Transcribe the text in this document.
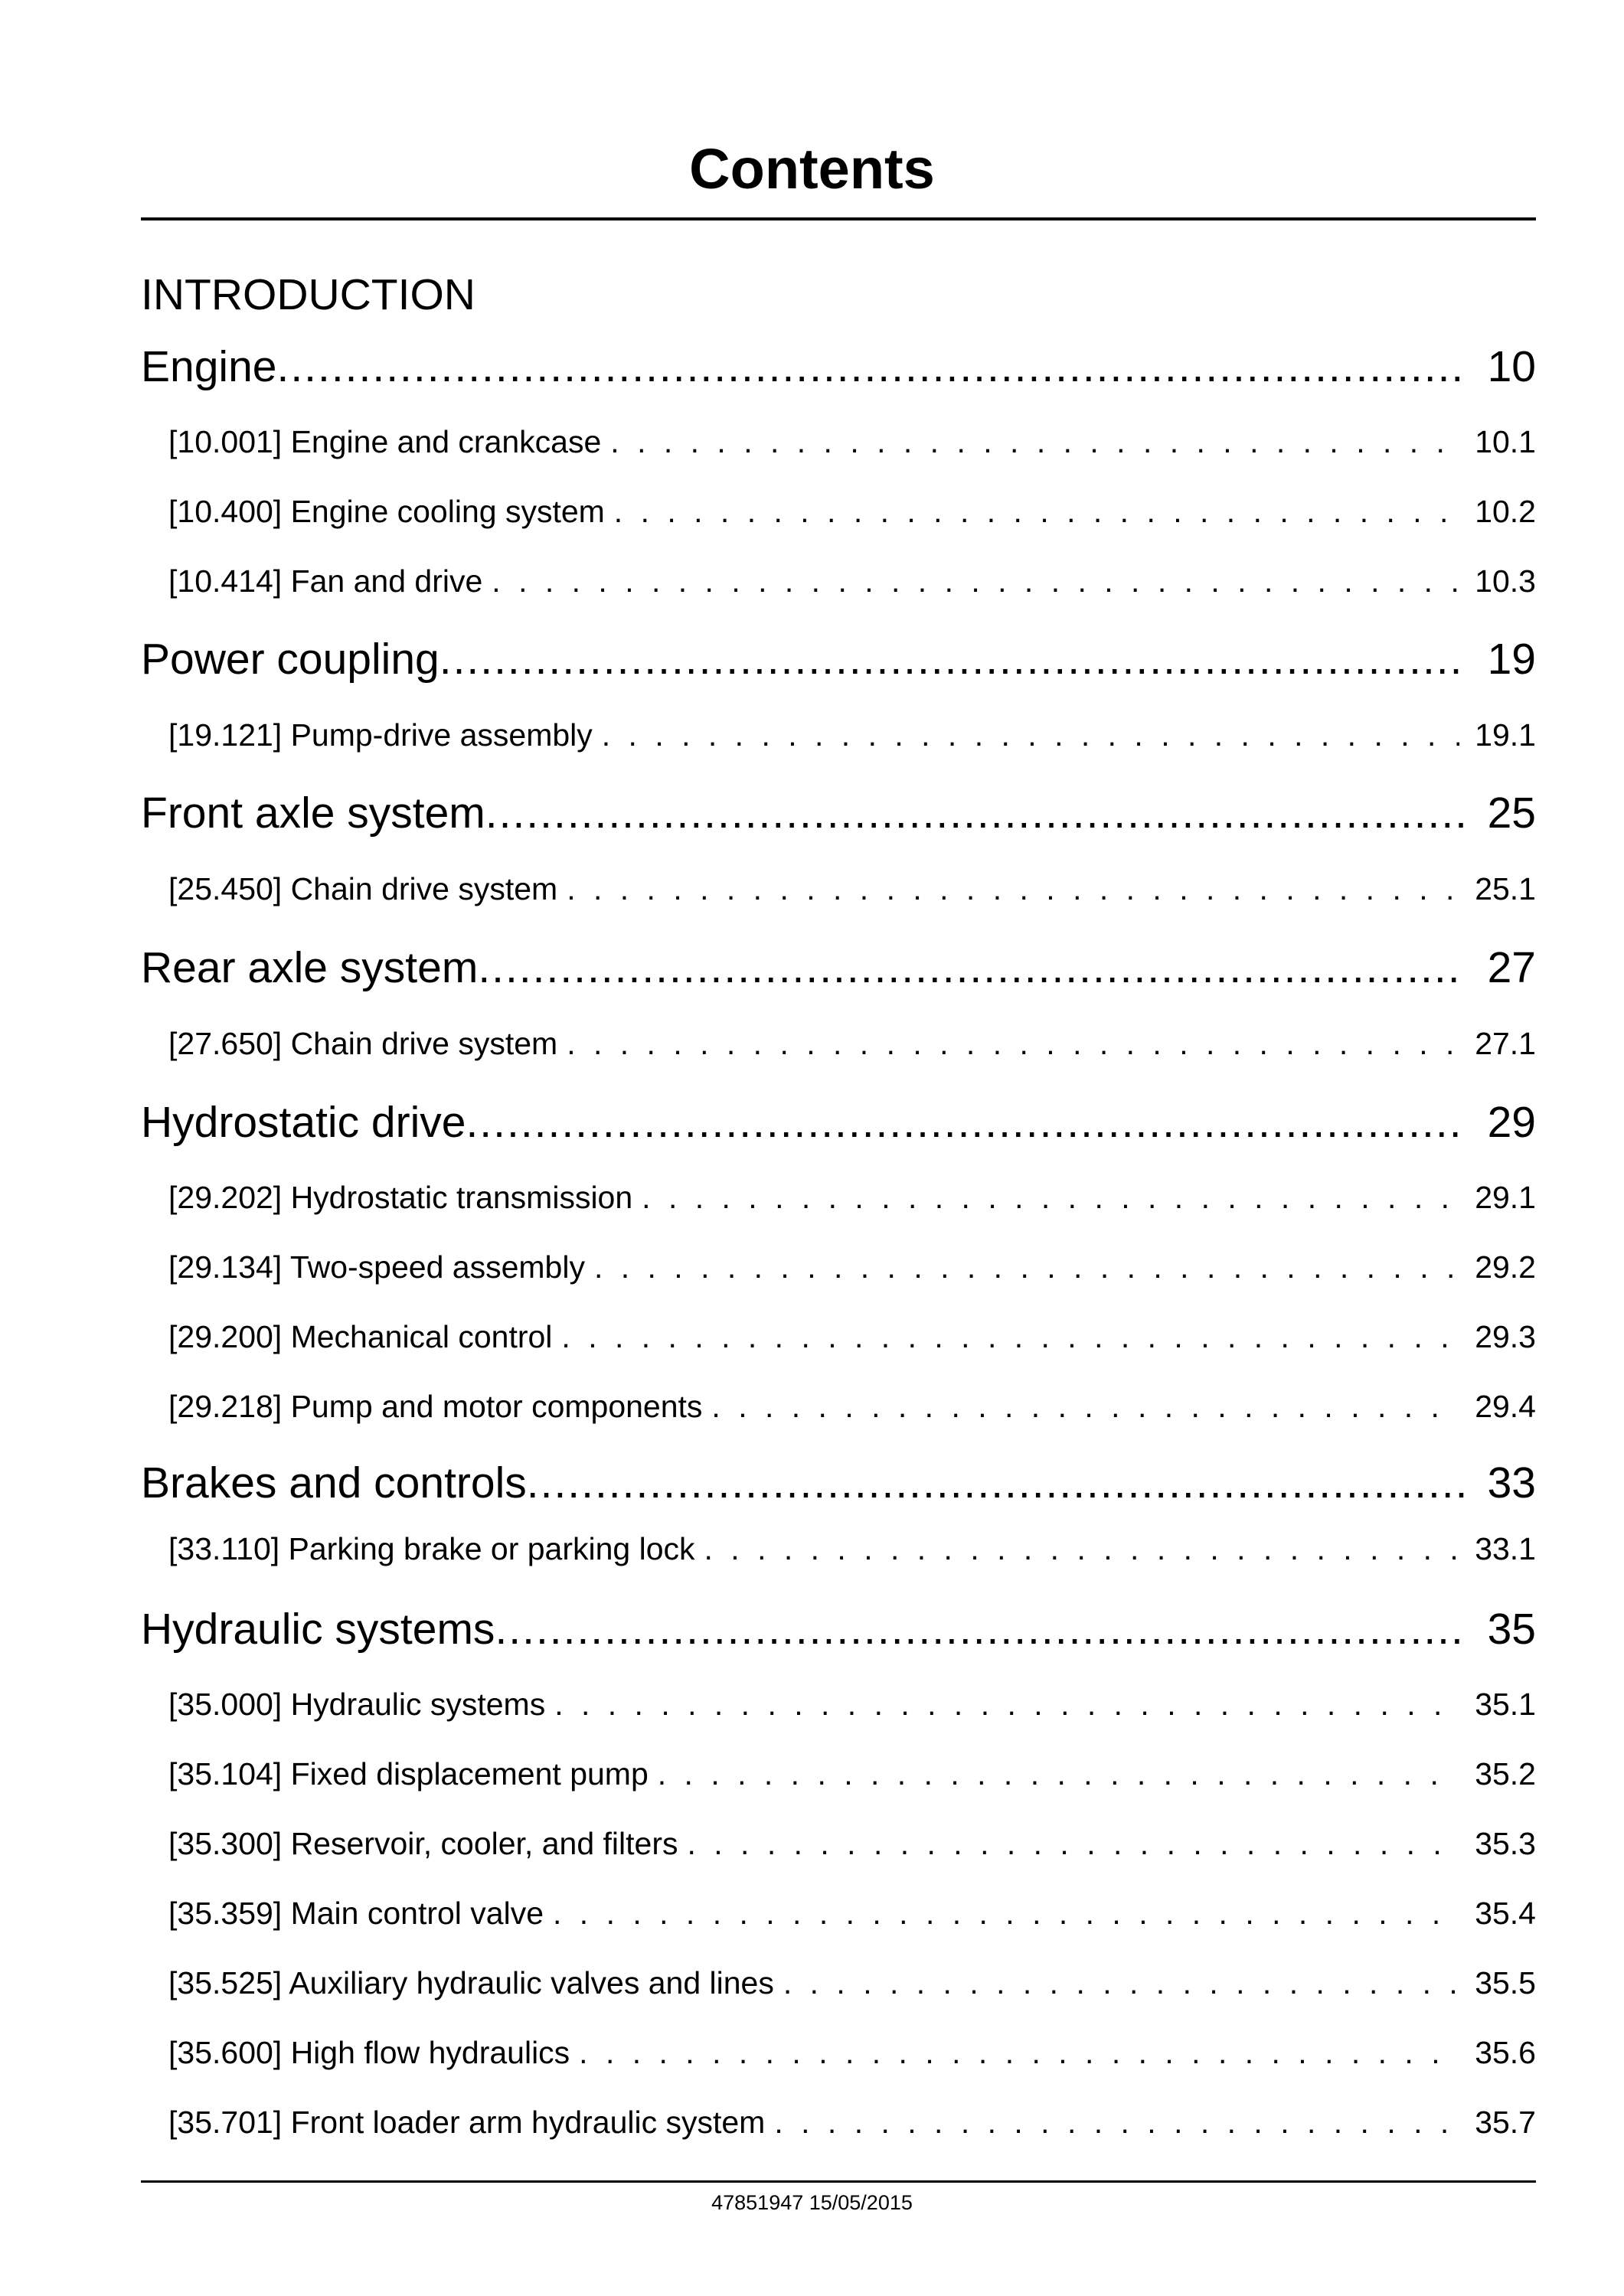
Contents
INTRODUCTION
Engine .....	10
[10.001] Engine and crankcase . . .	10.1
[10.400] Engine cooling system . . .	10.2
[10.414] Fan and drive . . .	10.3
Power coupling .....	19
[19.121] Pump-drive assembly . . .	19.1
Front axle system .....	25
[25.450] Chain drive system . . .	25.1
Rear axle system .....	27
[27.650] Chain drive system . . .	27.1
Hydrostatic drive .....	29
[29.202] Hydrostatic transmission . . .	29.1
[29.134] Two-speed assembly . . .	29.2
[29.200] Mechanical control . . .	29.3
[29.218] Pump and motor components . . .	29.4
Brakes and controls .....	33
[33.110] Parking brake or parking lock . . .	33.1
Hydraulic systems .....	35
[35.000] Hydraulic systems . . .	35.1
[35.104] Fixed displacement pump . . .	35.2
[35.300] Reservoir, cooler, and filters . . .	35.3
[35.359] Main control valve . . .	35.4
[35.525] Auxiliary hydraulic valves and lines . . .	35.5
[35.600] High flow hydraulics . . .	35.6
[35.701] Front loader arm hydraulic system . . .	35.7
47851947 15/05/2015
